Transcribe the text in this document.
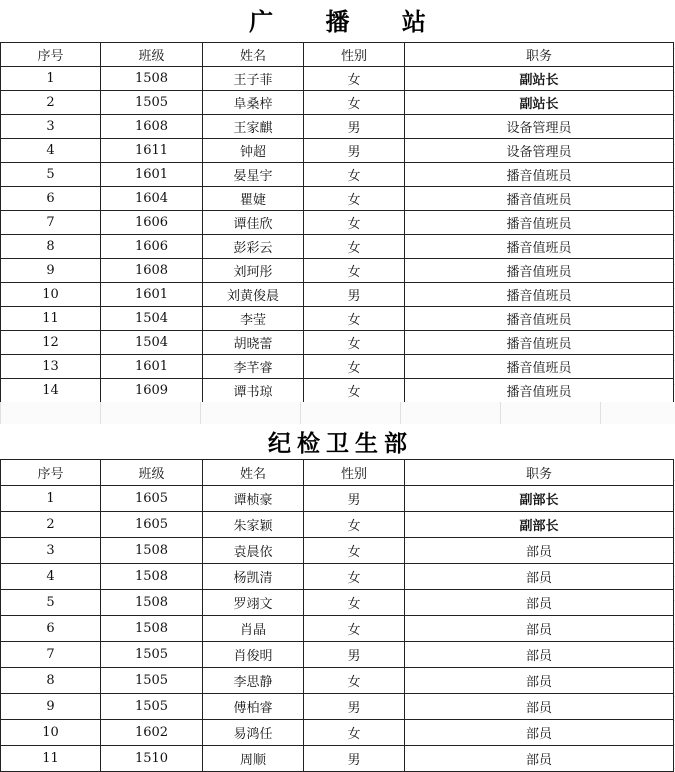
广 播 站
序号	班级	姓名	性别	职务
1	1508	王子菲	女	副站长
2	1505	阜桑梓	女	副站长
3	1608	王家麒	男	设备管理员
4	1611	钟超	男	设备管理员
5	1601	晏星宇	女	播音值班员
6	1604	瞿婕	女	播音值班员
7	1606	谭佳欣	女	播音值班员
8	1606	彭彩云	女	播音值班员
9	1608	刘珂彤	女	播音值班员
10	1601	刘黄俊晨	男	播音值班员
11	1504	李莹	女	播音值班员
12	1504	胡晓蕾	女	播音值班员
13	1601	李芊睿	女	播音值班员
14	1609	谭书琼	女	播音值班员
纪检卫生部
序号	班级	姓名	性别	职务
1	1605	谭桢豪	男	副部长
2	1605	朱家颖	女	副部长
3	1508	袁晨依	女	部员
4	1508	杨凯清	女	部员
5	1508	罗翊文	女	部员
6	1508	肖晶	女	部员
7	1505	肖俊明	男	部员
8	1505	李思静	女	部员
9	1505	傅柏睿	男	部员
10	1602	易鸿任	女	部员
11	1510	周顺	男	部员
